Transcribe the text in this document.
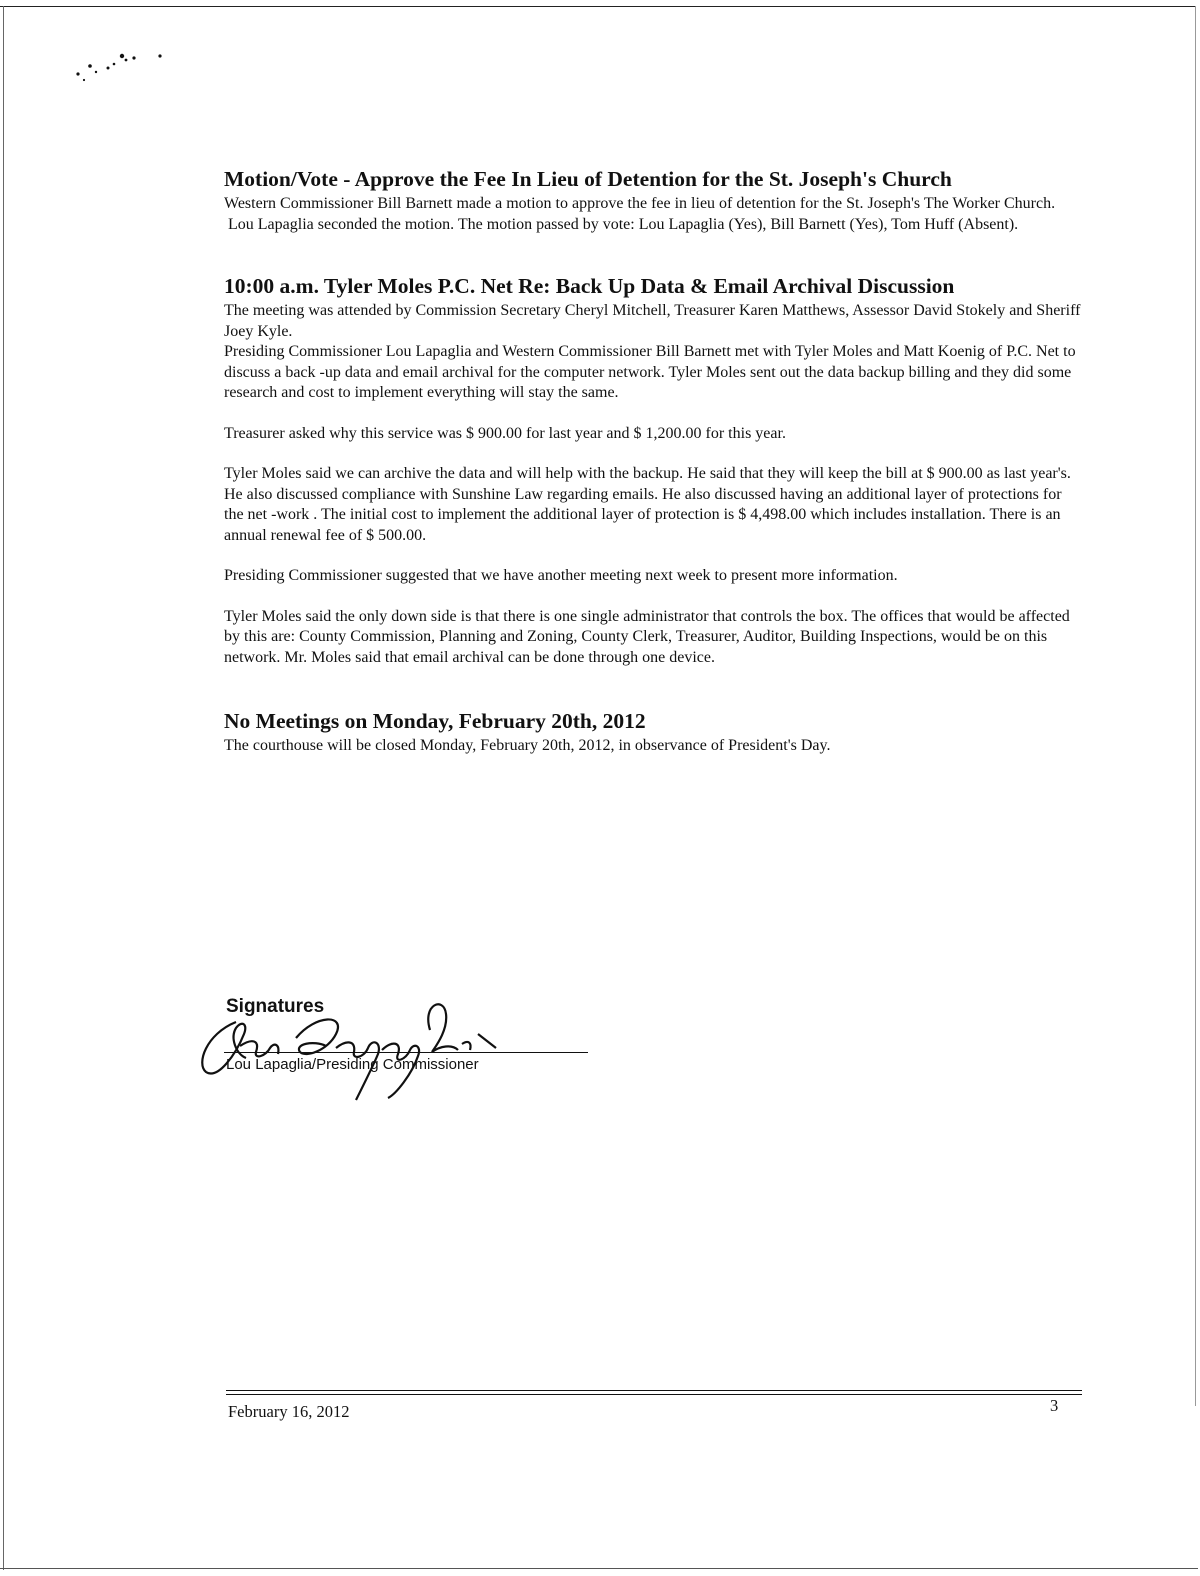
Motion/Vote - Approve the Fee In Lieu of Detention for the St. Joseph's Church

Western Commissioner Bill Barnett made a motion to approve the fee in lieu of detention for the St. Joseph's The Worker Church.

Lou Lapaglia seconded the motion. The motion passed by vote: Lou Lapaglia (Yes), Bill Barnett (Yes), Tom Huff (Absent).

10:00 a.m. Tyler Moles P.C. Net Re: Back Up Data & Email Archival Discussion

The meeting was attended by Commission Secretary Cheryl Mitchell, Treasurer Karen Matthews, Assessor David Stokely and Sheriff Joey Kyle.

Presiding Commissioner Lou Lapaglia and Western Commissioner Bill Barnett met with Tyler Moles and Matt Koenig of P.C. Net to discuss a back -up data and email archival for the computer network. Tyler Moles sent out the data backup billing and they did some research and cost to implement everything will stay the same.

Treasurer asked why this service was $ 900.00 for last year and $ 1,200.00 for this year.

Tyler Moles said we can archive the data and will help with the backup. He said that they will keep the bill at $ 900.00 as last year's. He also discussed compliance with Sunshine Law regarding emails. He also discussed having an additional layer of protections for the net -work . The initial cost to implement the additional layer of protection is $ 4,498.00 which includes installation. There is an annual renewal fee of $ 500.00.

Presiding Commissioner suggested that we have another meeting next week to present more information.

Tyler Moles said the only down side is that there is one single administrator that controls the box. The offices that would be affected by this are: County Commission, Planning and Zoning, County Clerk, Treasurer, Auditor, Building Inspections, would be on this network. Mr. Moles said that email archival can be done through one device.

No Meetings on Monday, February 20th, 2012

The courthouse will be closed Monday, February 20th, 2012, in observance of President's Day.

Signatures
Lou Lapaglia/Presiding Commissioner
February 16, 2012	3
